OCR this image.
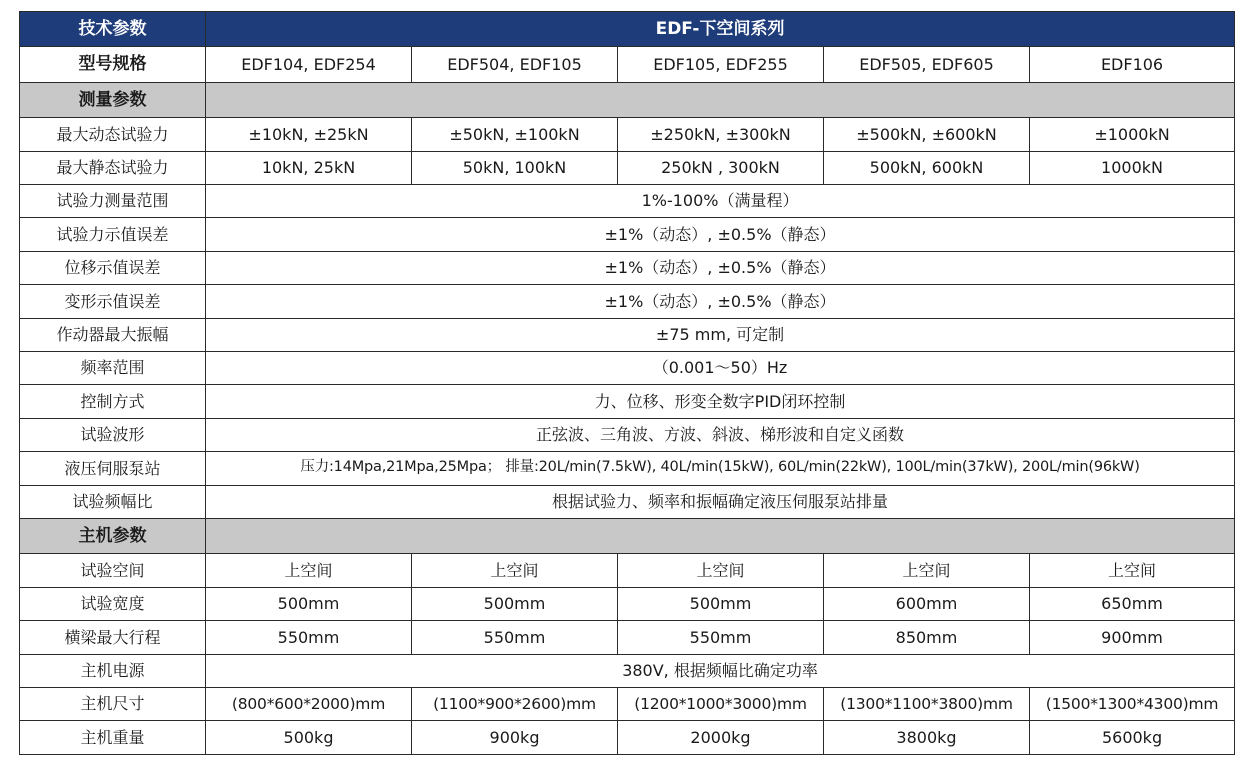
技术参数	EDF-下空间系列				
型号规格	EDF104, EDF254	EDF504, EDF105	EDF105, EDF255	EDF505, EDF605	EDF106
测量参数					
最大动态试验力	±10kN, ±25kN	±50kN, ±100kN	±250kN, ±300kN	±500kN, ±600kN	±1000kN
最大静态试验力	10kN, 25kN	50kN, 100kN	250kN , 300kN	500kN, 600kN	1000kN
试验力测量范围	1%-100%（满量程）				
试验力示值误差	±1%（动态）, ±0.5%（静态）				
位移示值误差	±1%（动态）, ±0.5%（静态）				
变形示值误差	±1%（动态）, ±0.5%（静态）				
作动器最大振幅	±75 mm, 可定制				
频率范围	（0.001～50）Hz				
控制方式	力、位移、形变全数字PID闭环控制				
试验波形	正弦波、三角波、方波、斜波、梯形波和自定义函数				
液压伺服泵站	压力:14Mpa,21Mpa,25Mpa； 排量:20L/min(7.5kW), 40L/min(15kW), 60L/min(22kW), 100L/min(37kW), 200L/min(96kW)				
试验频幅比	根据试验力、频率和振幅确定液压伺服泵站排量				
主机参数					
试验空间	上空间	上空间	上空间	上空间	上空间
试验宽度	500mm	500mm	500mm	600mm	650mm
横梁最大行程	550mm	550mm	550mm	850mm	900mm
主机电源	380V, 根据频幅比确定功率				
主机尺寸	(800*600*2000)mm	(1100*900*2600)mm	(1200*1000*3000)mm	(1300*1100*3800)mm	(1500*1300*4300)mm
主机重量	500kg	900kg	2000kg	3800kg	5600kg
